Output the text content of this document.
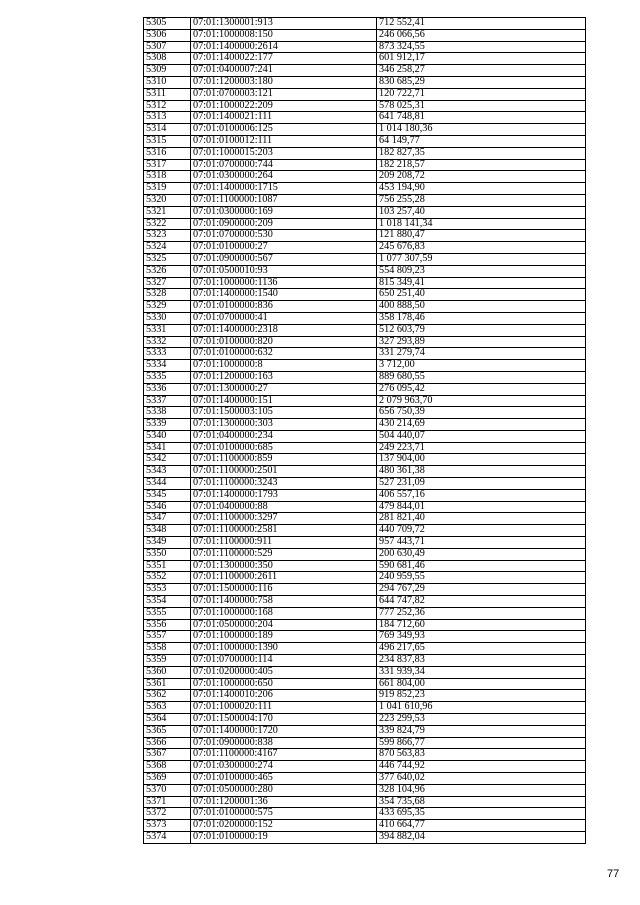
5305	07:01:1300001:913	712 552,41
5306	07:01:1000008:150	246 066,56
5307	07:01:1400000:2614	873 324,55
5308	07:01:1400022:177	601 912,17
5309	07:01:0400007:241	346 258,27
5310	07:01:1200003:180	830 685,29
5311	07:01:0700003:121	120 722,71
5312	07:01:1000022:209	578 025,31
5313	07:01:1400021:111	641 748,81
5314	07:01:0100006:125	1 014 180,36
5315	07:01:0100012:111	64 149,77
5316	07:01:1000015:203	182 827,35
5317	07:01:0700000:744	182 218,57
5318	07:01:0300000:264	209 208,72
5319	07:01:1400000:1715	453 194,90
5320	07:01:1100000:1087	756 255,28
5321	07:01:0300000:169	103 257,40
5322	07:01:0900000:209	1 018 141,34
5323	07:01:0700000:530	121 880,47
5324	07:01:0100000:27	245 676,83
5325	07:01:0900000:567	1 077 307,59
5326	07:01:0500010:93	554 809,23
5327	07:01:1000000:1136	815 349,41
5328	07:01:1400000:1540	650 251,40
5329	07:01:0100000:836	400 888,50
5330	07:01:0700000:41	358 178,46
5331	07:01:1400000:2318	512 603,79
5332	07:01:0100000:820	327 293,89
5333	07:01:0100000:632	331 279,74
5334	07:01:1000000:8	3 712,00
5335	07:01:1200000:163	889 680,55
5336	07:01:1300000:27	276 095,42
5337	07:01:1400000:151	2 079 963,70
5338	07:01:1500003:105	656 750,39
5339	07:01:1300000:303	430 214,69
5340	07:01:0400000:234	504 440,07
5341	07:01:0100000:685	249 223,71
5342	07:01:1100000:859	137 904,00
5343	07:01:1100000:2501	480 361,38
5344	07:01:1100000:3243	527 231,09
5345	07:01:1400000:1793	406 557,16
5346	07:01:0400000:88	479 844,01
5347	07:01:1100000:3297	281 821,40
5348	07:01:1100000:2581	440 709,72
5349	07:01:1100000:911	957 443,71
5350	07:01:1100000:529	200 630,49
5351	07:01:1300000:350	590 681,46
5352	07:01:1100000:2611	240 959,55
5353	07:01:1500000:116	294 767,29
5354	07:01:1400000:758	644 747,82
5355	07:01:1000000:168	777 252,36
5356	07:01:0500000:204	184 712,60
5357	07:01:1000000:189	769 349,93
5358	07:01:1000000:1390	496 217,65
5359	07:01:0700000:114	234 837,83
5360	07:01:0200000:405	331 939,34
5361	07:01:1000000:650	661 804,00
5362	07:01:1400010:206	919 852,23
5363	07:01:1000020:111	1 041 610,96
5364	07:01:1500004:170	223 299,53
5365	07:01:1400000:1720	339 824,79
5366	07:01:0900000:838	599 866,77
5367	07:01:1100000:4167	870 563,83
5368	07:01:0300000:274	446 744,92
5369	07:01:0100000:465	377 640,02
5370	07:01:0500000:280	328 104,96
5371	07:01:1200001:36	354 735,68
5372	07:01:0100000:575	433 695,35
5373	07:01:0200000:152	410 664,77
5374	07:01:0100000:19	394 882,04
77
